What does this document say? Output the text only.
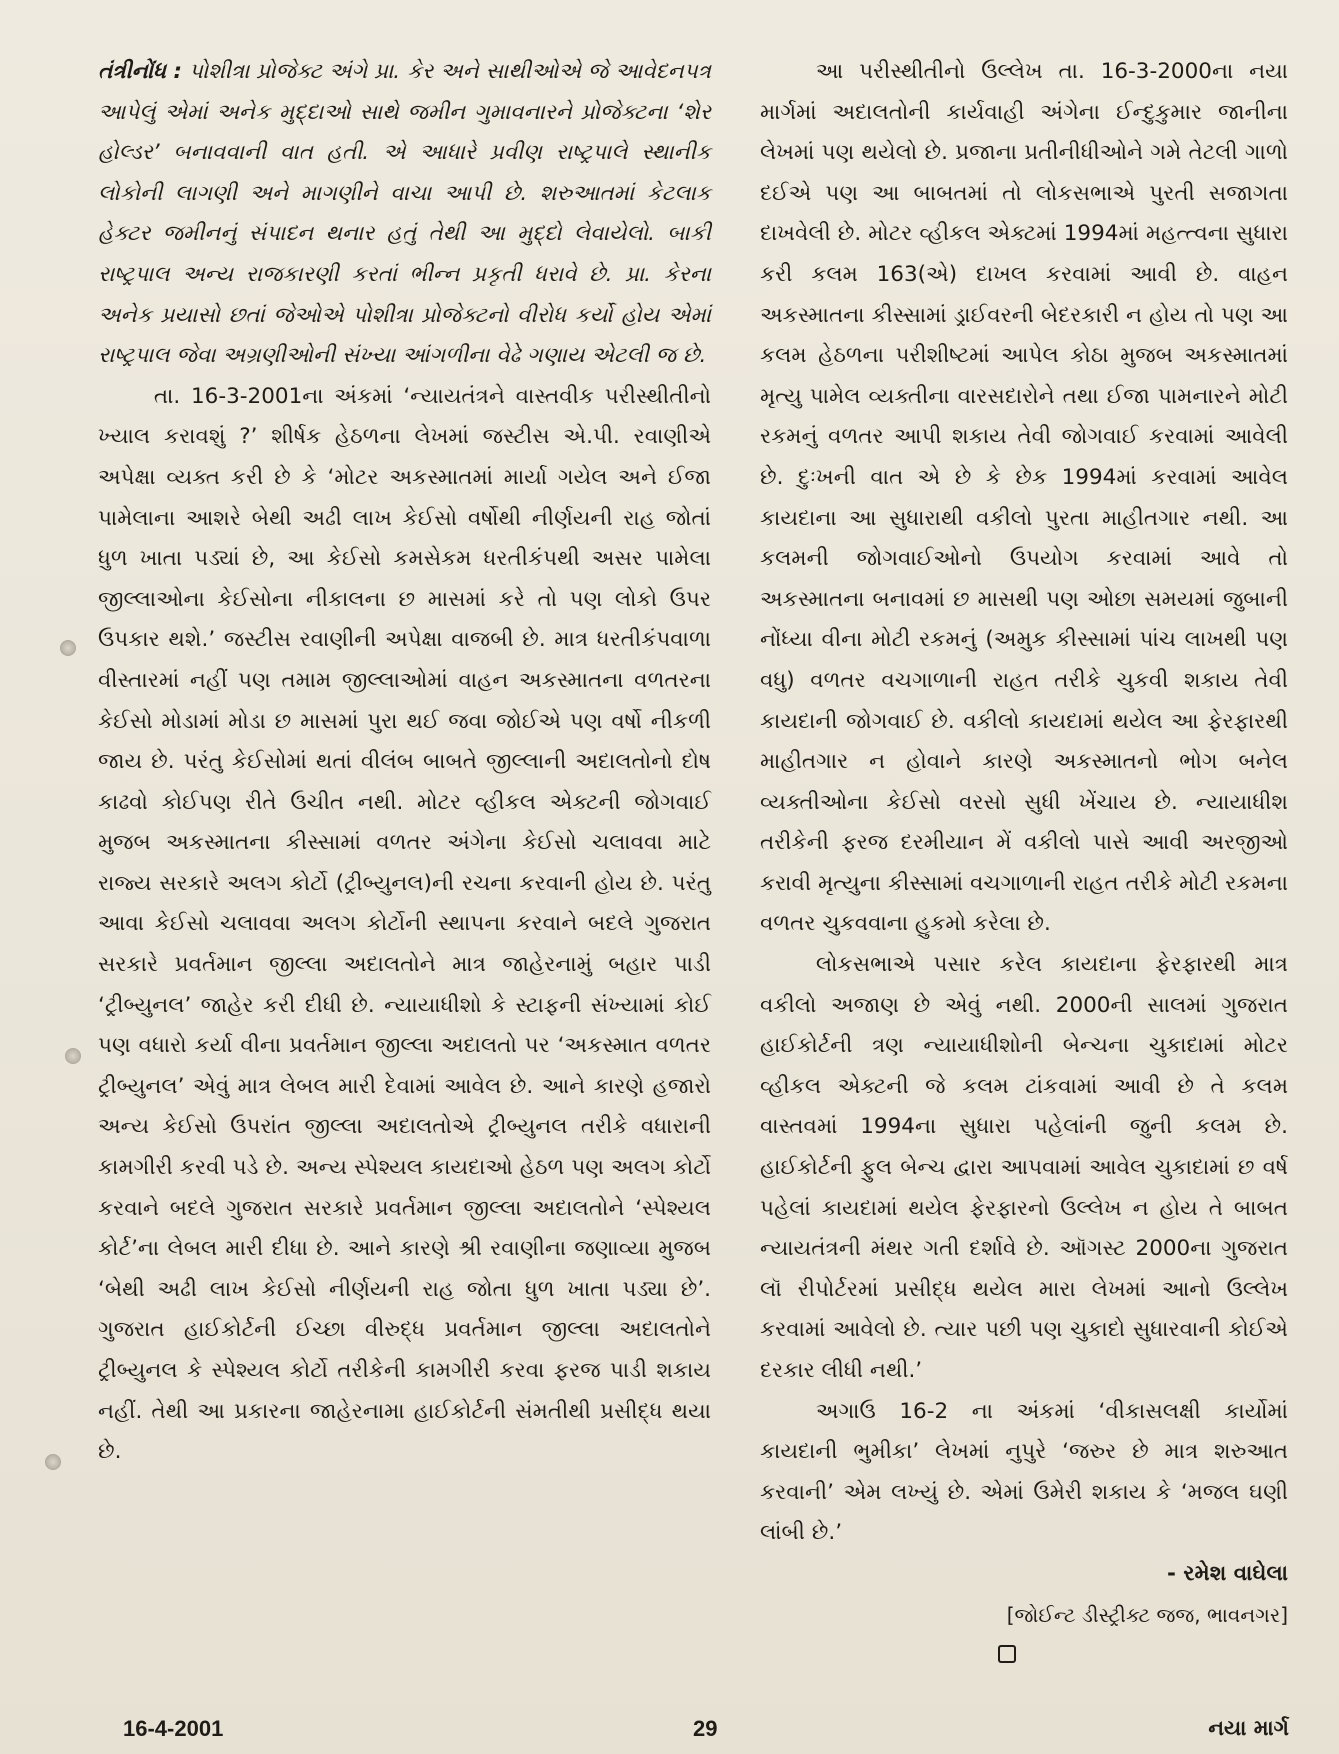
તંત્રીનોંધ : પોશીત્રા પ્રોજેક્ટ અંગે પ્રા. કેર અને સાથીઓએ જે આવેદનપત્ર આપેલું એમાં અનેક મુદ્દાઓ સાથે જમીન ગુમાવનારને પ્રોજેક્ટના ‘શેર હોલ્ડર’ બનાવવાની વાત હતી. એ આધારે પ્રવીણ રાષ્ટ્રપાલે સ્થાનીક લોકોની લાગણી અને માગણીને વાચા આપી છે. શરુઆતમાં કેટલાક હેક્ટર જમીનનું સંપાદન થનાર હતું તેથી આ મુદ્દો લેવાયેલો. બાકી રાષ્ટ્રપાલ અન્ય રાજકારણી કરતાં ભીન્ન પ્રકૃતી ધરાવે છે. પ્રા. કેરના અનેક પ્રયાસો છતાં જેઓએ પોશીત્રા પ્રોજેક્ટનો વીરોધ કર્યો હોય એમાં રાષ્ટ્રપાલ જેવા અગ્રણીઓની સંખ્યા આંગળીના વેઢે ગણાય એટલી જ છે.

તા. 16-3-2001ના અંકમાં ‘ન્યાયતંત્રને વાસ્તવીક પરીસ્થીતીનો ખ્યાલ કરાવશું ?’ શીર્ષક હેઠળના લેખમાં જસ્ટીસ એ.પી. રવાણીએ અપેક્ષા વ્યક્ત કરી છે કે ‘મોટર અકસ્માતમાં માર્યા ગયેલ અને ઈજા પામેલાના આશરે બેથી અઢી લાખ કેઈસો વર્ષોથી નીર્ણયની રાહ જોતાં ધુળ ખાતા પડ્યાં છે, આ કેઈસો કમસેકમ ધરતીકંપથી અસર પામેલા જીલ્લાઓના કેઈસોના નીકાલના છ માસમાં કરે તો પણ લોકો ઉપર ઉપકાર થશે.’ જસ્ટીસ રવાણીની અપેક્ષા વાજબી છે. માત્ર ધરતીકંપવાળા વીસ્તારમાં નહીં પણ તમામ જીલ્લાઓમાં વાહન અકસ્માતના વળતરના કેઈસો મોડામાં મોડા છ માસમાં પુરા થઈ જવા જોઈએ પણ વર્ષો નીકળી જાય છે. પરંતુ કેઈસોમાં થતાં વીલંબ બાબતે જીલ્લાની અદાલતોનો દોષ કાઢવો કોઈપણ રીતે ઉચીત નથી. મોટર વ્હીકલ એક્ટની જોગવાઈ મુજબ અકસ્માતના કીસ્સામાં વળતર અંગેના કેઈસો ચલાવવા માટે રાજ્ય સરકારે અલગ કોર્ટો (ટ્રીબ્યુનલ)ની રચના કરવાની હોય છે. પરંતુ આવા કેઈસો ચલાવવા અલગ કોર્ટોની સ્થાપના કરવાને બદલે ગુજરાત સરકારે પ્રવર્તમાન જીલ્લા અદાલતોને માત્ર જાહેરનામું બહાર પાડી ‘ટ્રીબ્યુનલ’ જાહેર કરી દીધી છે. ન્યાયાધીશો કે સ્ટાફની સંખ્યામાં કોઈ પણ વધારો કર્યા વીના પ્રવર્તમાન જીલ્લા અદાલતો પર ‘અકસ્માત વળતર ટ્રીબ્યુનલ’ એવું માત્ર લેબલ મારી દેવામાં આવેલ છે. આને કારણે હજારો અન્ય કેઈસો ઉપરાંત જીલ્લા અદાલતોએ ટ્રીબ્યુનલ તરીકે વધારાની કામગીરી કરવી પડે છે. અન્ય સ્પેશ્યલ કાયદાઓ હેઠળ પણ અલગ કોર્ટો કરવાને બદલે ગુજરાત સરકારે પ્રવર્તમાન જીલ્લા અદાલતોને ‘સ્પેશ્યલ કોર્ટ’ના લેબલ મારી દીધા છે. આને કારણે શ્રી રવાણીના જણાવ્યા મુજબ ‘બેથી અઢી લાખ કેઈસો નીર્ણયની રાહ જોતા ધુળ ખાતા પડ્યા છે’. ગુજરાત હાઈકોર્ટની ઈચ્છા વીરુદ્ધ પ્રવર્તમાન જીલ્લા અદાલતોને ટ્રીબ્યુનલ કે સ્પેશ્યલ કોર્ટો તરીકેની કામગીરી કરવા ફરજ પાડી શકાય નહીં. તેથી આ પ્રકારના જાહેરનામા હાઈકોર્ટની સંમતીથી પ્રસીદ્ધ થયા છે.

આ પરીસ્થીતીનો ઉલ્લેખ તા. 16-3-2000ના નયા માર્ગમાં અદાલતોની કાર્યવાહી અંગેના ઈન્દુકુમાર જાનીના લેખમાં પણ થયેલો છે. પ્રજાના પ્રતીનીધીઓને ગમે તેટલી ગાળો દઈએ પણ આ બાબતમાં તો લોકસભાએ પુરતી સજાગતા દાખવેલી છે. મોટર વ્હીકલ એક્ટમાં 1994માં મહત્ત્વના સુધારા કરી કલમ 163(એ) દાખલ કરવામાં આવી છે. વાહન અકસ્માતના કીસ્સામાં ડ્રાઈવરની બેદરકારી ન હોય તો પણ આ કલમ હેઠળના પરીશીષ્ટમાં આપેલ કોઠા મુજબ અકસ્માતમાં મૃત્યુ પામેલ વ્યક્તીના વારસદારોને તથા ઈજા પામનારને મોટી રકમનું વળતર આપી શકાય તેવી જોગવાઈ કરવામાં આવેલી છે. દુઃખની વાત એ છે કે છેક 1994માં કરવામાં આવેલ કાયદાના આ સુધારાથી વકીલો પુરતા માહીતગાર નથી. આ કલમની જોગવાઈઓનો ઉપયોગ કરવામાં આવે તો અકસ્માતના બનાવમાં છ માસથી પણ ઓછા સમયમાં જુબાની નોંધ્યા વીના મોટી રકમનું (અમુક કીસ્સામાં પાંચ લાખથી પણ વધુ) વળતર વચગાળાની રાહત તરીકે ચુકવી શકાય તેવી કાયદાની જોગવાઈ છે. વકીલો કાયદામાં થયેલ આ ફેરફારથી માહીતગાર ન હોવાને કારણે અકસ્માતનો ભોગ બનેલ વ્યક્તીઓના કેઈસો વરસો સુધી ખેંચાય છે. ન્યાયાધીશ તરીકેની ફરજ દરમીયાન મેં વકીલો પાસે આવી અરજીઓ કરાવી મૃત્યુના કીસ્સામાં વચગાળાની રાહત તરીકે મોટી રકમના વળતર ચુકવવાના હુકમો કરેલા છે.

લોકસભાએ પસાર કરેલ કાયદાના ફેરફારથી માત્ર વકીલો અજાણ છે એવું નથી. 2000ની સાલમાં ગુજરાત હાઈકોર્ટની ત્રણ ન્યાયાધીશોની બેન્ચના ચુકાદામાં મોટર વ્હીકલ એક્ટની જે કલમ ટાંકવામાં આવી છે તે કલમ વાસ્તવમાં 1994ના સુધારા પહેલાંની જુની કલમ છે. હાઈકોર્ટની ફુલ બેન્ચ દ્વારા આપવામાં આવેલ ચુકાદામાં છ વર્ષ પહેલાં કાયદામાં થયેલ ફેરફારનો ઉલ્લેખ ન હોય તે બાબત ન્યાયતંત્રની મંથર ગતી દર્શાવે છે. ઑગસ્ટ 2000ના ગુજરાત લૉ રીપોર્ટરમાં પ્રસીદ્ધ થયેલ મારા લેખમાં આનો ઉલ્લેખ કરવામાં આવેલો છે. ત્યાર પછી પણ ચુકાદો સુધારવાની કોઈએ દરકાર લીધી નથી.’

અગાઉ 16-2 ના અંકમાં ‘વીકાસલક્ષી કાર્યોમાં કાયદાની ભુમીકા’ લેખમાં નુપુરે ‘જરુર છે માત્ર શરુઆત કરવાની’ એમ લખ્યું છે. એમાં ઉમેરી શકાય કે ‘મજલ ઘણી લાંબી છે.’

- રમેશ વાઘેલા

[જોઈન્ટ ડીસ્ટ્રીક્ટ જજ, ભાવનગર]

16-4-2001	29	નયા માર્ગ
